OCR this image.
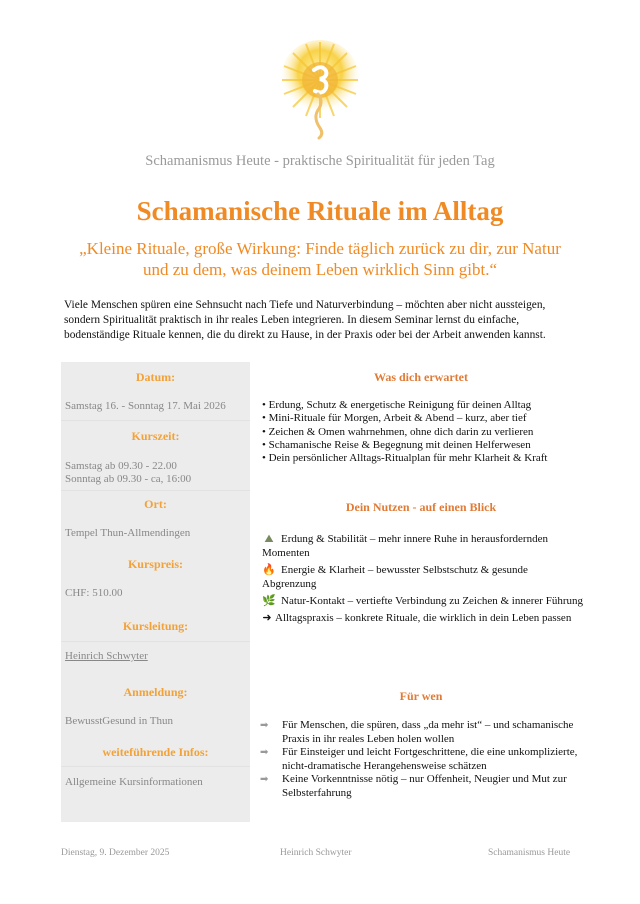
Schamanismus Heute - praktische Spiritualität für jeden Tag
Schamanische Rituale im Alltag
„Kleine Rituale, große Wirkung: Finde täglich zurück zu dir, zur Natur und zu dem, was deinem Leben wirklich Sinn gibt.“

Viele Menschen spüren eine Sehnsucht nach Tiefe und Naturverbindung – möchten aber nicht aussteigen, sondern Spiritualität praktisch in ihr reales Leben integrieren. In diesem Seminar lernst du einfache, bodenständige Rituale kennen, die du direkt zu Hause, in der Praxis oder bei der Arbeit anwenden kannst.

Datum:
Samstag 16. - Sonntag 17. Mai 2026
Kurszeit:
Samstag ab 09.30 - 22.00
Sonntag ab 09.30 - ca, 16:00
Ort:
Tempel Thun-Allmendingen
Kurspreis:
CHF: 510.00
Kursleitung:
Heinrich Schwyter
Anmeldung:
BewusstGesund in Thun
weiteführende Infos:
Allgemeine Kursinformationen
Was dich erwartet
• Erdung, Schutz & energetische Reinigung für deinen Alltag
• Mini-Rituale für Morgen, Arbeit & Abend – kurz, aber tief
• Zeichen & Omen wahrnehmen, ohne dich darin zu verlieren
• Schamanische Reise & Begegnung mit deinen Helferwesen
• Dein persönlicher Alltags-Ritualplan für mehr Klarheit & Kraft
Dein Nutzen - auf einen Blick
⛰ Erdung & Stabilität – mehr innere Ruhe in herausfordernden Momenten
🔥 Energie & Klarheit – bewusster Selbstschutz & gesunde Abgrenzung
🌿 Natur-Kontakt – vertiefte Verbindung zu Zeichen & innerer Führung
➜ Alltagspraxis – konkrete Rituale, die wirklich in dein Leben passen
Für wen
➡	Für Menschen, die spüren, dass „da mehr ist“ – und schamanische Praxis in ihr reales Leben holen wollen
➡	Für Einsteiger und leicht Fortgeschrittene, die eine unkomplizierte, nicht-dramatische Herangehensweise schätzen
➡	Keine Vorkenntnisse nötig – nur Offenheit, Neugier und Mut zur Selbsterfahrung
Dienstag, 9. Dezember 2025	Heinrich Schwyter	Schamanismus Heute
